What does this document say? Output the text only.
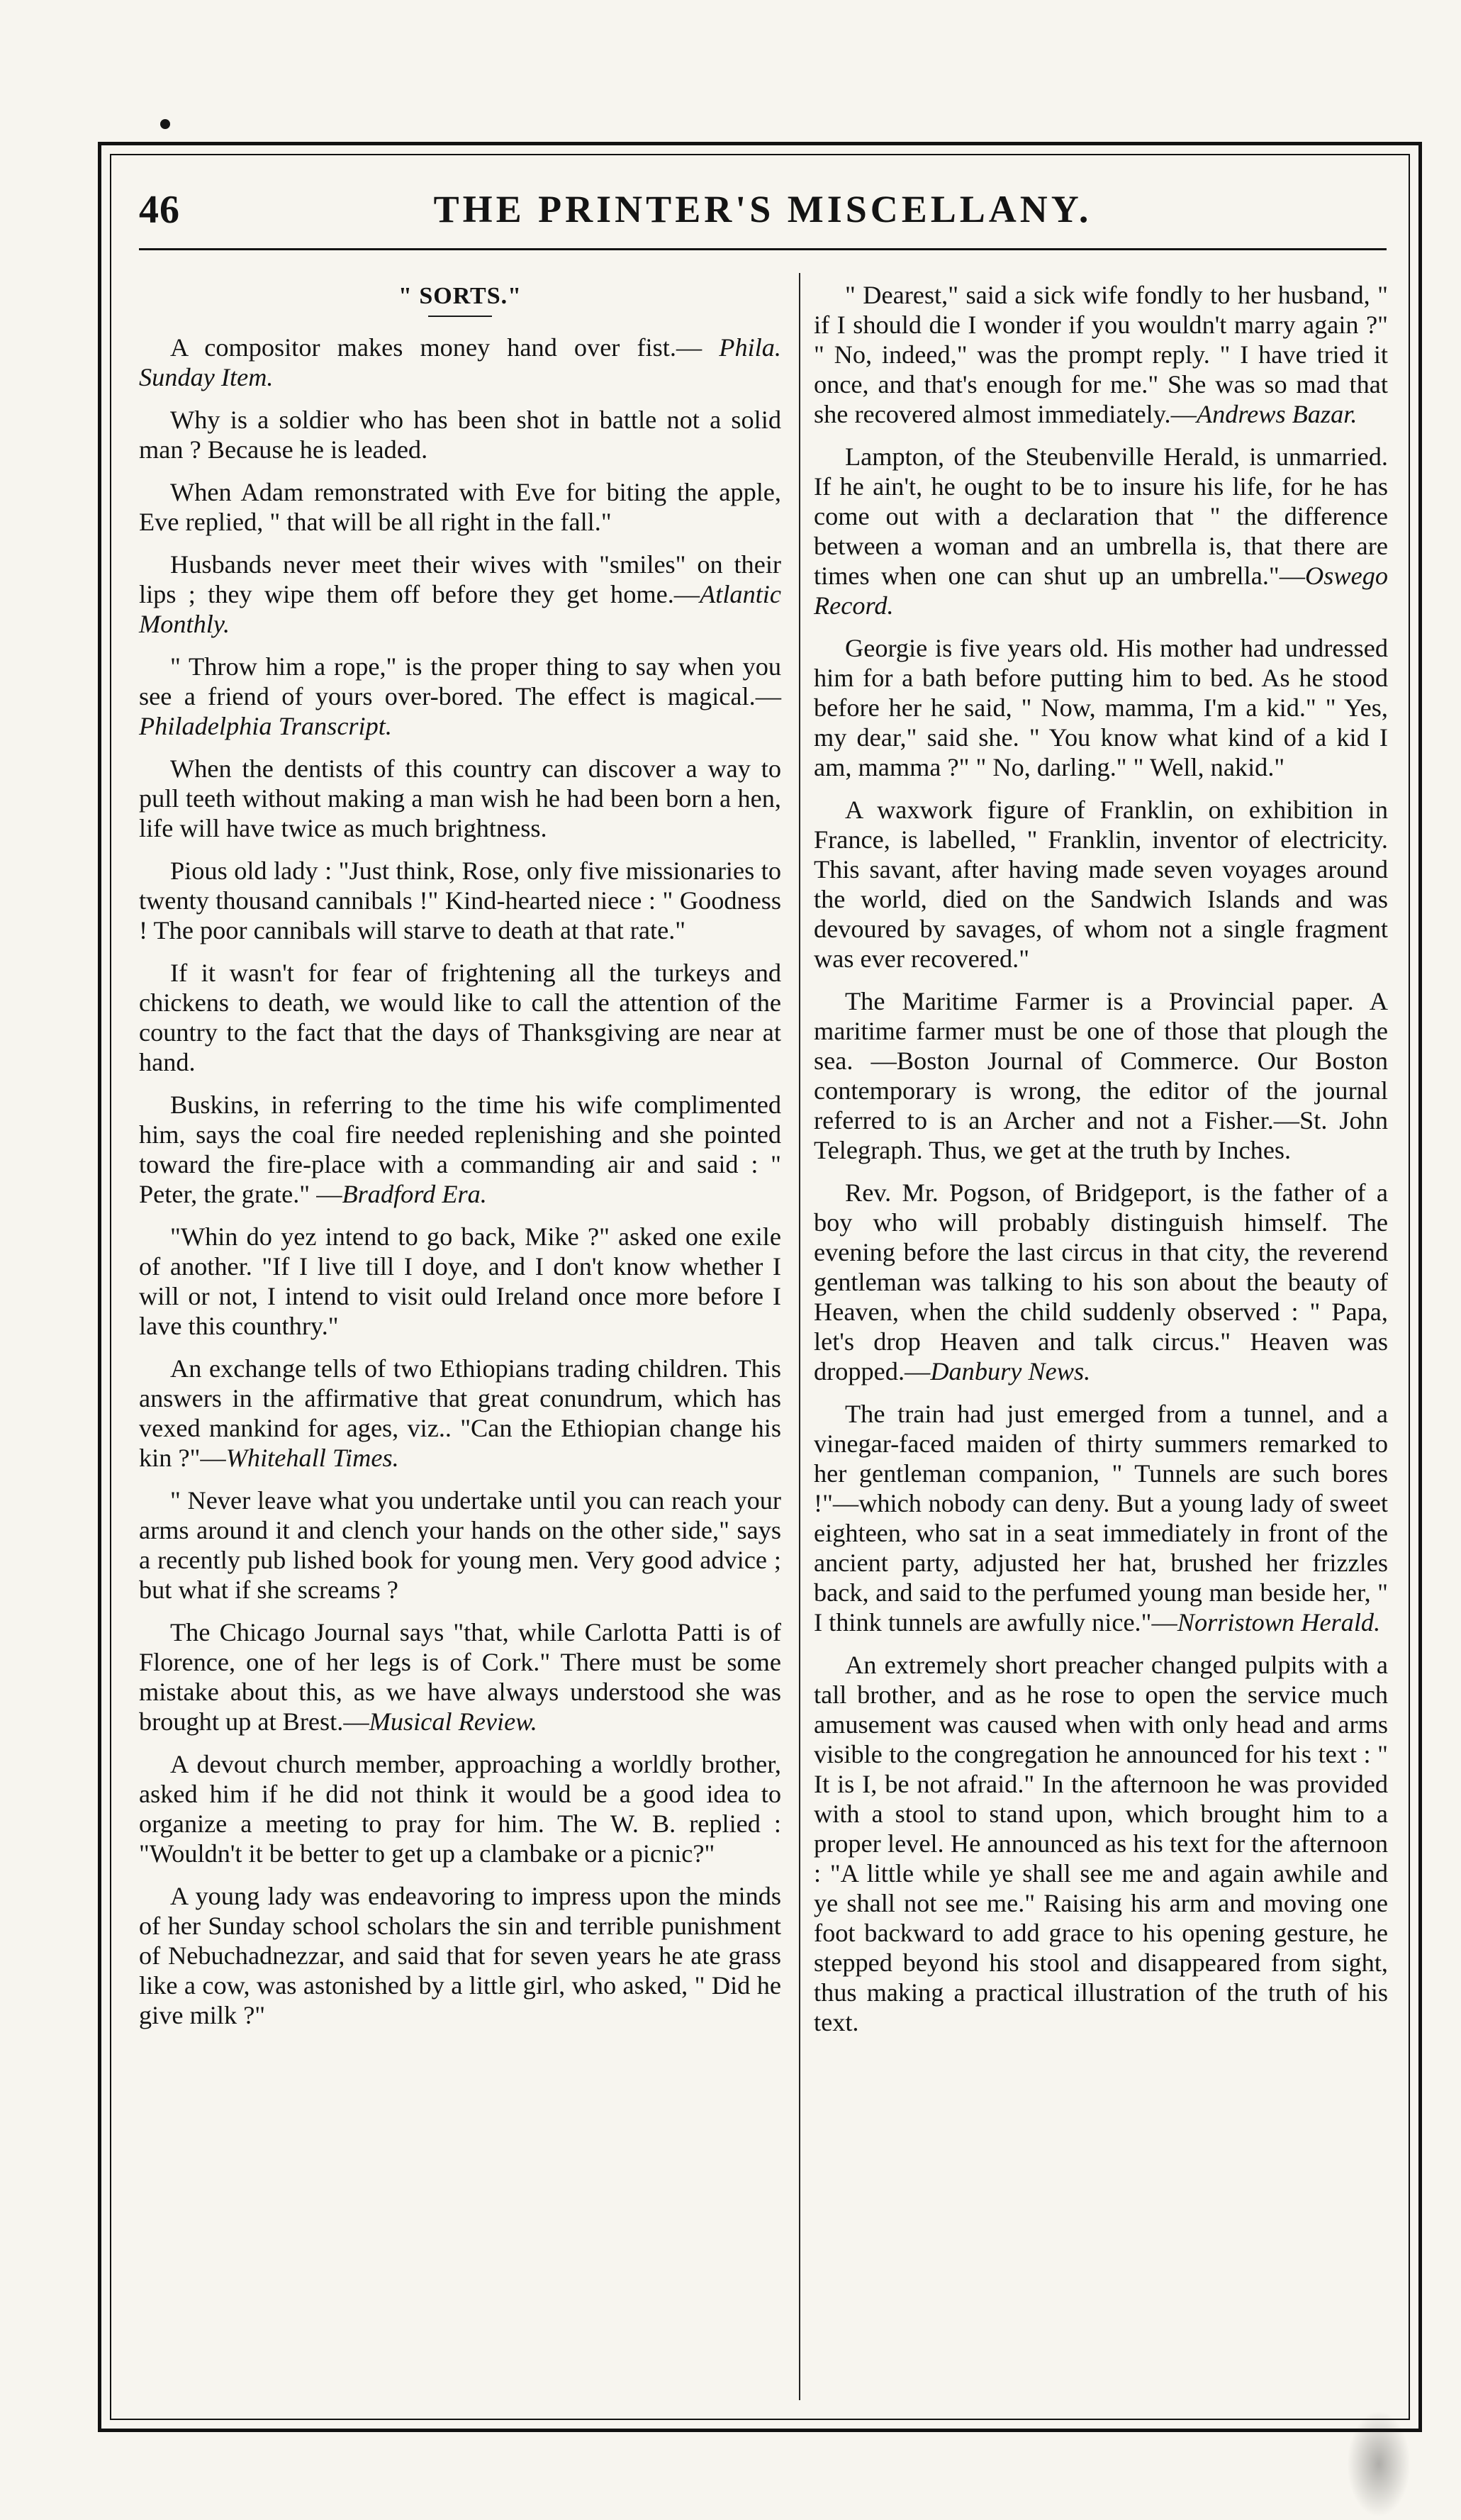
46	THE PRINTER'S MISCELLANY.
" SORTS."

A compositor makes money hand over fist.— Phila. Sunday Item.

Why is a soldier who has been shot in battle not a solid man ? Because he is leaded.

When Adam remonstrated with Eve for biting the apple, Eve replied, " that will be all right in the fall."

Husbands never meet their wives with "smiles" on their lips ; they wipe them off before they get home.—Atlantic Monthly.

" Throw him a rope," is the proper thing to say when you see a friend of yours over-bored. The effect is magical.—Philadelphia Transcript.

When the dentists of this country can discover a way to pull teeth without making a man wish he had been born a hen, life will have twice as much brightness.

Pious old lady : "Just think, Rose, only five missionaries to twenty thousand cannibals !" Kind-hearted niece : " Goodness ! The poor cannibals will starve to death at that rate."

If it wasn't for fear of frightening all the turkeys and chickens to death, we would like to call the attention of the country to the fact that the days of Thanksgiving are near at hand.

Buskins, in referring to the time his wife complimented him, says the coal fire needed replenishing and she pointed toward the fire-place with a commanding air and said : " Peter, the grate." —Bradford Era.

"Whin do yez intend to go back, Mike ?" asked one exile of another. "If I live till I doye, and I don't know whether I will or not, I intend to visit ould Ireland once more before I lave this counthry."

An exchange tells of two Ethiopians trading children. This answers in the affirmative that great conundrum, which has vexed mankind for ages, viz.. "Can the Ethiopian change his kin ?"—Whitehall Times.

" Never leave what you undertake until you can reach your arms around it and clench your hands on the other side," says a recently pub lished book for young men. Very good advice ; but what if she screams ?

The Chicago Journal says "that, while Carlotta Patti is of Florence, one of her legs is of Cork." There must be some mistake about this, as we have always understood she was brought up at Brest.—Musical Review.

A devout church member, approaching a worldly brother, asked him if he did not think it would be a good idea to organize a meeting to pray for him. The W. B. replied : "Wouldn't it be better to get up a clambake or a picnic?"

A young lady was endeavoring to impress upon the minds of her Sunday school scholars the sin and terrible punishment of Nebuchadnezzar, and said that for seven years he ate grass like a cow, was astonished by a little girl, who asked, " Did he give milk ?"

" Dearest," said a sick wife fondly to her husband, " if I should die I wonder if you wouldn't marry again ?" " No, indeed," was the prompt reply. " I have tried it once, and that's enough for me." She was so mad that she recovered almost immediately.—Andrews Bazar.

Lampton, of the Steubenville Herald, is unmarried. If he ain't, he ought to be to insure his life, for he has come out with a declaration that " the difference between a woman and an umbrella is, that there are times when one can shut up an umbrella."—Oswego Record.

Georgie is five years old. His mother had undressed him for a bath before putting him to bed. As he stood before her he said, " Now, mamma, I'm a kid." " Yes, my dear," said she. " You know what kind of a kid I am, mamma ?" " No, darling." " Well, nakid."

A waxwork figure of Franklin, on exhibition in France, is labelled, " Franklin, inventor of electricity. This savant, after having made seven voyages around the world, died on the Sandwich Islands and was devoured by savages, of whom not a single fragment was ever recovered."

The Maritime Farmer is a Provincial paper. A maritime farmer must be one of those that plough the sea. —Boston Journal of Commerce. Our Boston contemporary is wrong, the editor of the journal referred to is an Archer and not a Fisher.—St. John Telegraph. Thus, we get at the truth by Inches.

Rev. Mr. Pogson, of Bridgeport, is the father of a boy who will probably distinguish himself. The evening before the last circus in that city, the reverend gentleman was talking to his son about the beauty of Heaven, when the child suddenly observed : " Papa, let's drop Heaven and talk circus." Heaven was dropped.—Danbury News.

The train had just emerged from a tunnel, and a vinegar-faced maiden of thirty summers remarked to her gentleman companion, " Tunnels are such bores !"—which nobody can deny. But a young lady of sweet eighteen, who sat in a seat immediately in front of the ancient party, adjusted her hat, brushed her frizzles back, and said to the perfumed young man beside her, " I think tunnels are awfully nice."—Norristown Herald.

An extremely short preacher changed pulpits with a tall brother, and as he rose to open the service much amusement was caused when with only head and arms visible to the congregation he announced for his text : " It is I, be not afraid." In the afternoon he was provided with a stool to stand upon, which brought him to a proper level. He announced as his text for the afternoon : "A little while ye shall see me and again awhile and ye shall not see me." Raising his arm and moving one foot backward to add grace to his opening gesture, he stepped beyond his stool and disappeared from sight, thus making a practical illustration of the truth of his text.
